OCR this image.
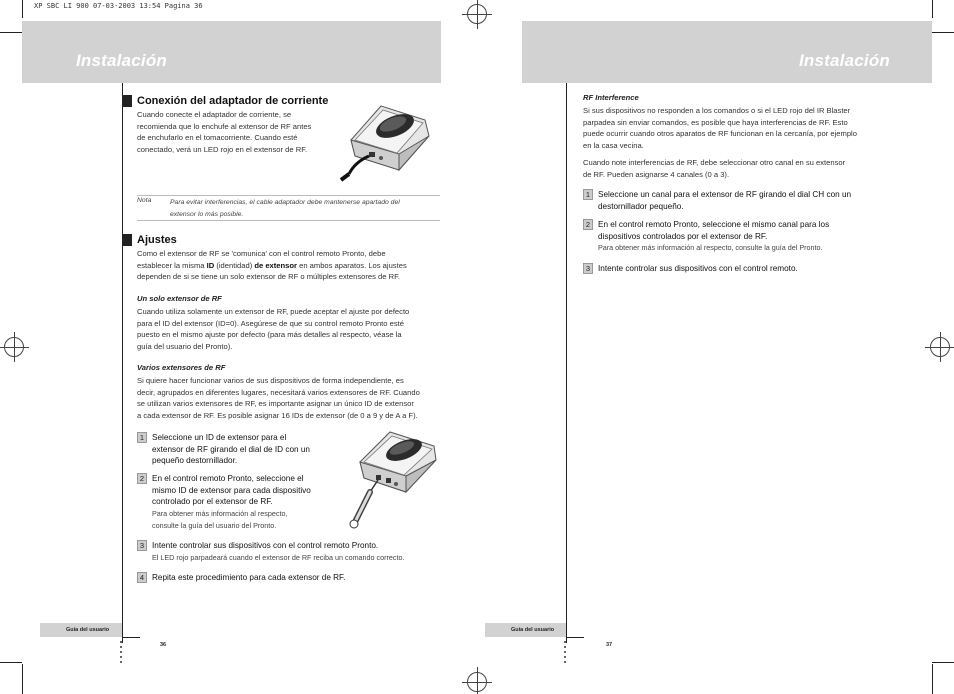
XP SBC LI 900 07-03-2003 13:54 Pagina 36
Instalación
Conexión del adaptador de corriente
Cuando conecte el adaptador de corriente, se
recomienda que lo enchufe al extensor de RF antes
de enchufarlo en el tomacorriente. Cuando esté
conectado, verá un LED rojo en el extensor de RF.
Nota	Para evitar interferencias, el cable adaptador debe mantenerse apartado del
extensor lo más posible.
Ajustes
Como el extensor de RF se 'comunica' con el control remoto Pronto, debe
establecer la misma ID (identidad) de extensor en ambos aparatos. Los ajustes
dependen de si se tiene un solo extensor de RF o múltiples extensores de RF.
Un solo extensor de RF
Cuando utiliza solamente un extensor de RF, puede aceptar el ajuste por defecto
para el ID del extensor (ID=0). Asegúrese de que su control remoto Pronto esté
puesto en el mismo ajuste por defecto (para más detalles al respecto, véase la
guía del usuario del Pronto).
Varios extensores de RF
Si quiere hacer funcionar varios de sus dispositivos de forma independiente, es
decir, agrupados en diferentes lugares, necesitará varios extensores de RF. Cuando
se utilizan varios extensores de RF, es importante asignar un único ID de extensor
a cada extensor de RF. Es posible asignar 16 IDs de extensor (de 0 a 9 y de A a F).
1 Seleccione un ID de extensor para el
extensor de RF girando el dial de ID con un
pequeño destornillador.
2 En el control remoto Pronto, seleccione el
mismo ID de extensor para cada dispositivo
controlado por el extensor de RF.
Para obtener más información al respecto,
consulte la guía del usuario del Pronto.
3 Intente controlar sus dispositivos con el control remoto Pronto.
El LED rojo parpadeará cuando el extensor de RF reciba un comando correcto.
4 Repita este procedimiento para cada extensor de RF.
Guía del usuario
36
Instalación
RF Interference
Si sus dispositivos no responden a los comandos o si el LED rojo del IR Blaster
parpadea sin enviar comandos, es posible que haya interferencias de RF. Esto
puede ocurrir cuando otros aparatos de RF funcionan en la cercanía, por ejemplo
en la casa vecina.
Cuando note interferencias de RF, debe seleccionar otro canal en su extensor
de RF. Pueden asignarse 4 canales (0 a 3).
1 Seleccione un canal para el extensor de RF girando el dial CH con un
destornillador pequeño.
2 En el control remoto Pronto, seleccione el mismo canal para los
dispositivos controlados por el extensor de RF.
Para obtener más información al respecto, consulte la guía del Pronto.
3 Intente controlar sus dispositivos con el control remoto.
Guía del usuario
37
